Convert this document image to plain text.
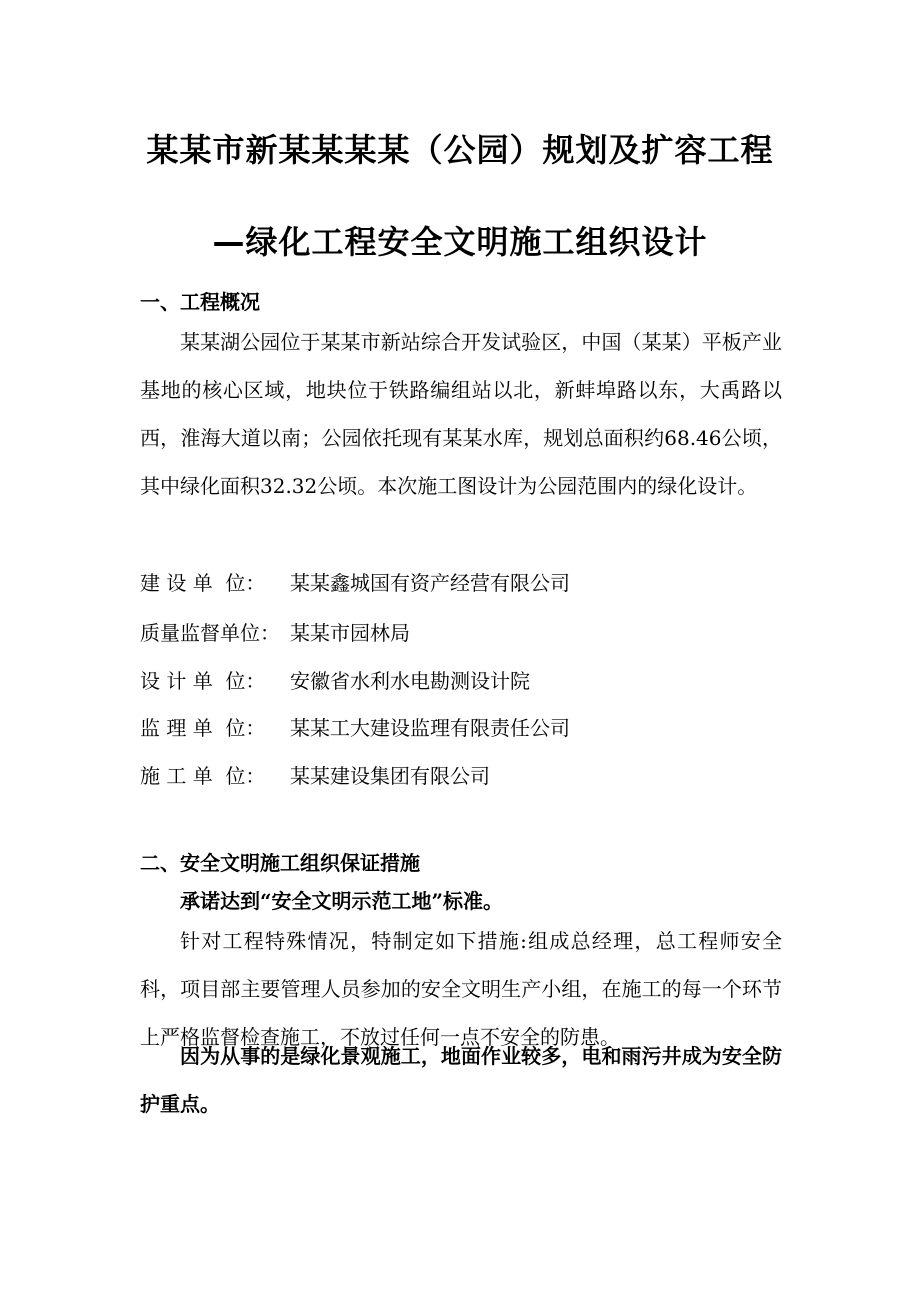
某某市新某某某某（公园）规划及扩容工程
—绿化工程安全文明施工组织设计
一、工程概况
某某湖公园位于某某市新站综合开发试验区，中国（某某）平板产业基地的核心区域，地块位于铁路编组站以北，新蚌埠路以东，大禹路以西，淮海大道以南；公园依托现有某某水库，规划总面积约68.46公顷，其中绿化面积32.32公顷。本次施工图设计为公园范围内的绿化设计。
建 设 单  位： 某某鑫城国有资产经营有限公司
质量监督单位： 某某市园林局
设 计 单  位： 安徽省水利水电勘测设计院
监 理 单  位： 某某工大建设监理有限责任公司
施 工 单  位： 某某建设集团有限公司
二、安全文明施工组织保证措施
承诺达到“安全文明示范工地”标准。
针对工程特殊情况，特制定如下措施:组成总经理，总工程师安全科，项目部主要管理人员参加的安全文明生产小组，在施工的每一个环节上严格监督检查施工，不放过任何一点不安全的防患。
因为从事的是绿化景观施工，地面作业较多，电和雨污井成为安全防护重点。
